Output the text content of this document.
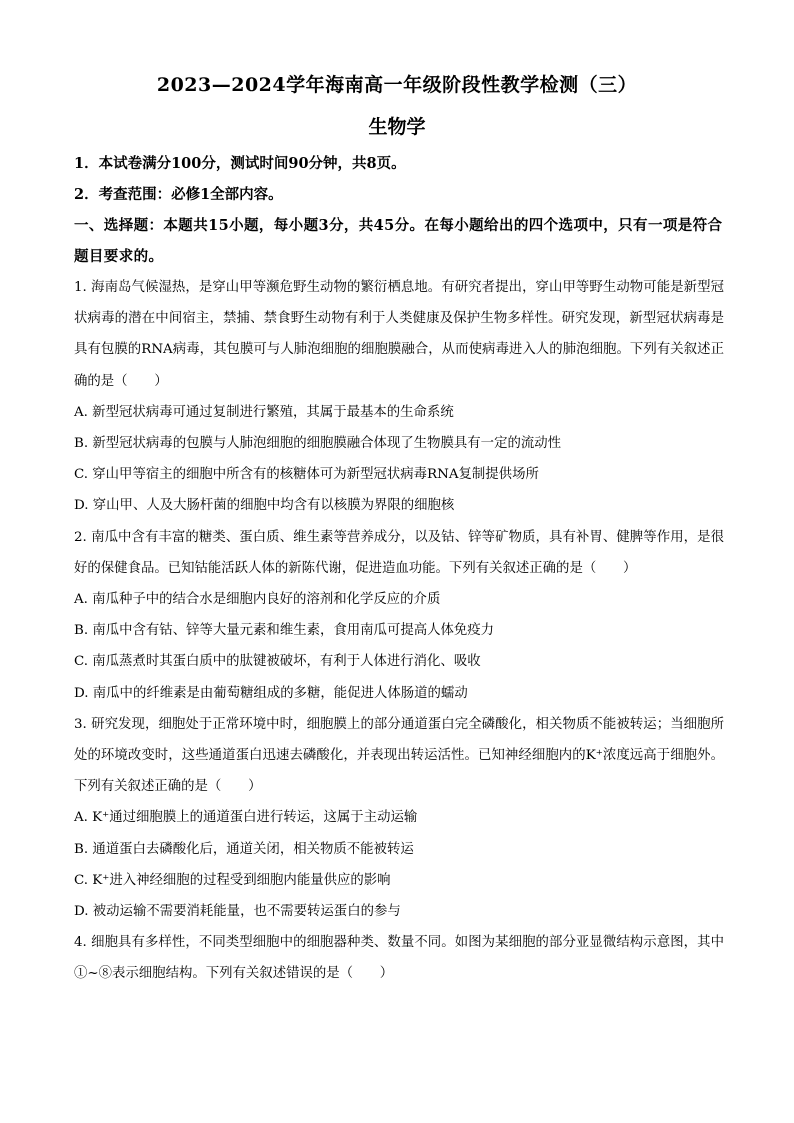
2023—2024学年海南高一年级阶段性教学检测（三）
生物学
1．本试卷满分100分，测试时间90分钟，共8页。
2．考查范围：必修1全部内容。
一、选择题：本题共15小题，每小题3分，共45分。在每小题给出的四个选项中，只有一项是符合题目要求的。
1. 海南岛气候湿热，是穿山甲等濒危野生动物的繁衍栖息地。有研究者提出，穿山甲等野生动物可能是新型冠状病毒的潜在中间宿主，禁捕、禁食野生动物有利于人类健康及保护生物多样性。研究发现，新型冠状病毒是具有包膜的RNA病毒，其包膜可与人肺泡细胞的细胞膜融合，从而使病毒进入人的肺泡细胞。下列有关叙述正确的是（　　）
A. 新型冠状病毒可通过复制进行繁殖，其属于最基本的生命系统
B. 新型冠状病毒的包膜与人肺泡细胞的细胞膜融合体现了生物膜具有一定的流动性
C. 穿山甲等宿主的细胞中所含有的核糖体可为新型冠状病毒RNA复制提供场所
D. 穿山甲、人及大肠杆菌的细胞中均含有以核膜为界限的细胞核
2. 南瓜中含有丰富的糖类、蛋白质、维生素等营养成分，以及钴、锌等矿物质，具有补胃、健脾等作用，是很好的保健食品。已知钴能活跃人体的新陈代谢，促进造血功能。下列有关叙述正确的是（　　）
A. 南瓜种子中的结合水是细胞内良好的溶剂和化学反应的介质
B. 南瓜中含有钴、锌等大量元素和维生素，食用南瓜可提高人体免疫力
C. 南瓜蒸煮时其蛋白质中的肽键被破坏，有利于人体进行消化、吸收
D. 南瓜中的纤维素是由葡萄糖组成的多糖，能促进人体肠道的蠕动
3. 研究发现，细胞处于正常环境中时，细胞膜上的部分通道蛋白完全磷酸化，相关物质不能被转运；当细胞所处的环境改变时，这些通道蛋白迅速去磷酸化，并表现出转运活性。已知神经细胞内的K⁺浓度远高于细胞外。下列有关叙述正确的是（　　）
A. K⁺通过细胞膜上的通道蛋白进行转运，这属于主动运输
B. 通道蛋白去磷酸化后，通道关闭，相关物质不能被转运
C. K⁺进入神经细胞的过程受到细胞内能量供应的影响
D. 被动运输不需要消耗能量，也不需要转运蛋白的参与
4. 细胞具有多样性，不同类型细胞中的细胞器种类、数量不同。如图为某细胞的部分亚显微结构示意图，其中①~⑧表示细胞结构。下列有关叙述错误的是（　　）
